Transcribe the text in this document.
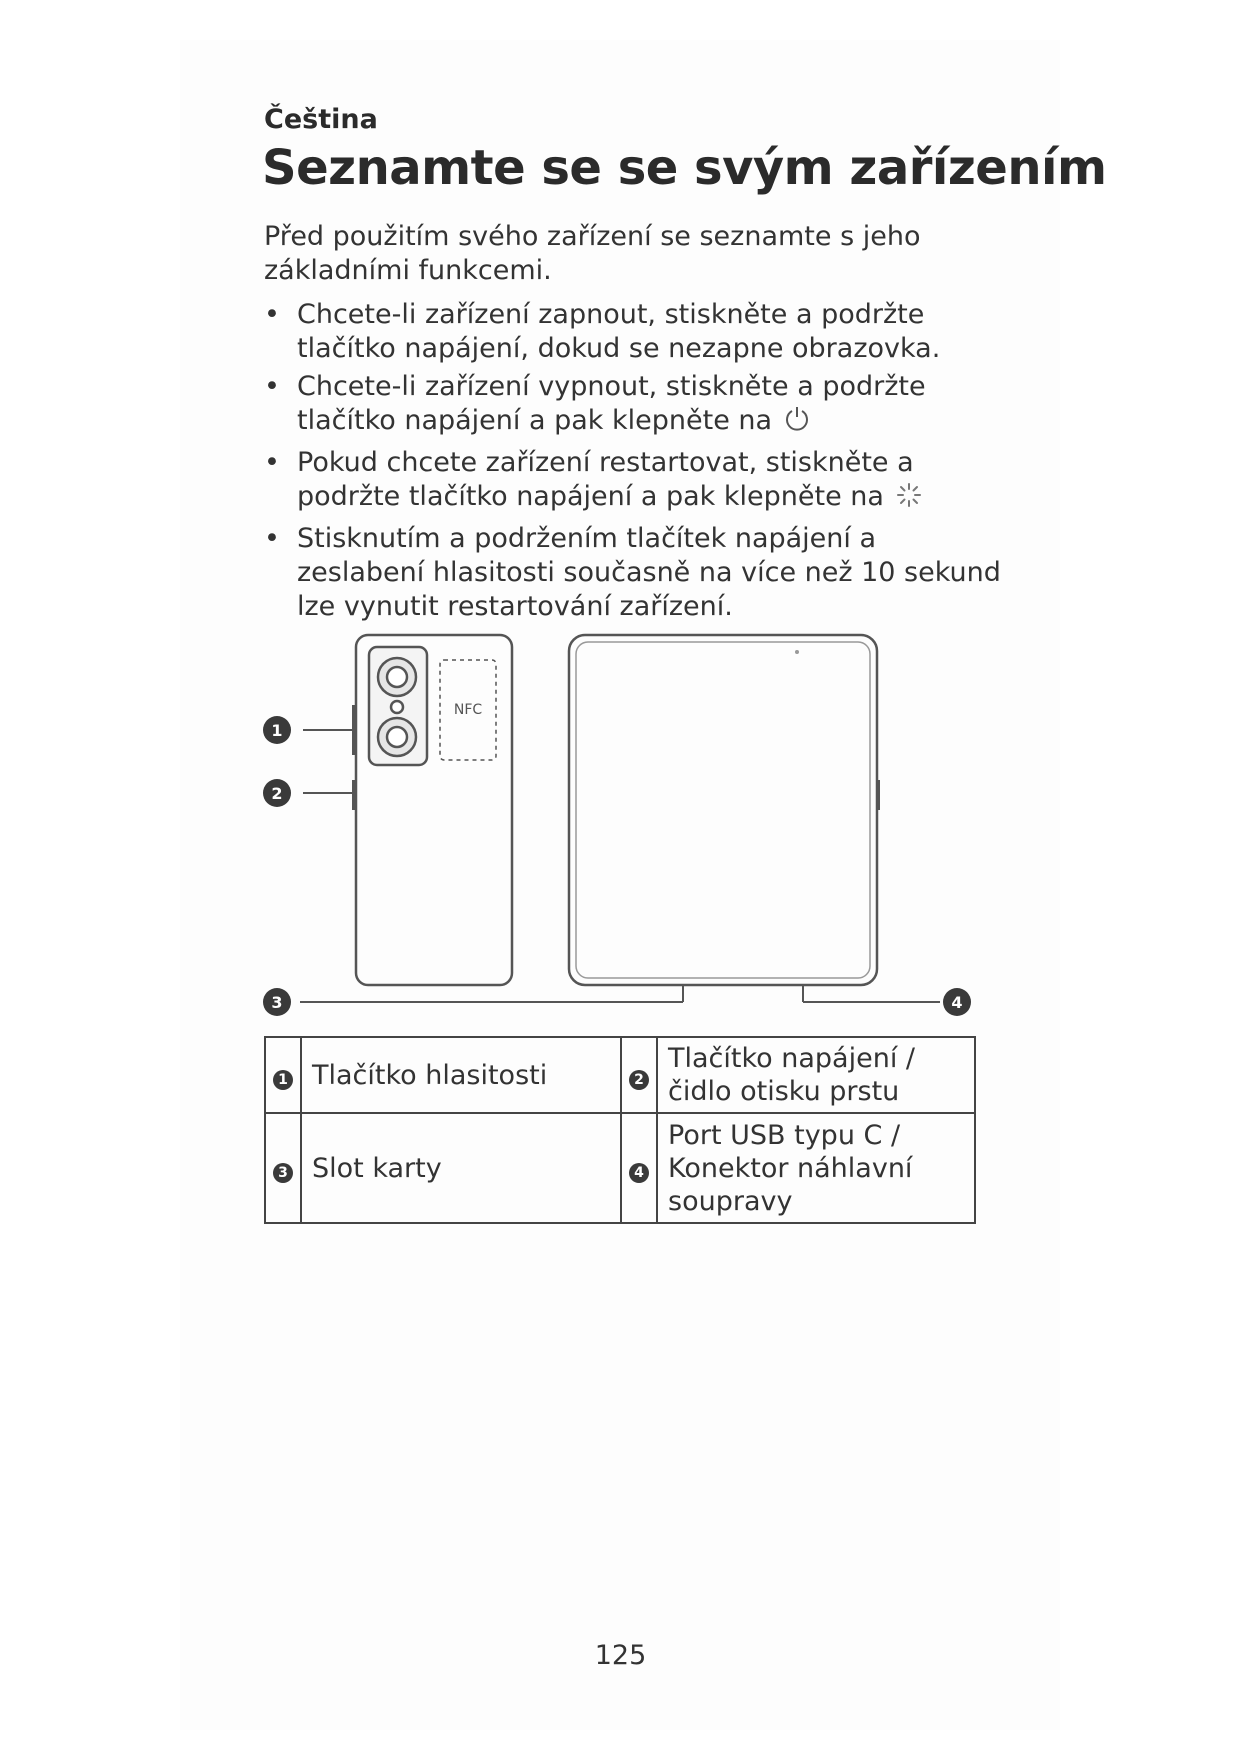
Čeština
Seznamte se se svým zařízením
Před použitím svého zařízení se seznamte s jeho základními funkcemi.
• Chcete-li zařízení zapnout, stiskněte a podržte tlačítko napájení, dokud se nezapne obrazovka.
• Chcete-li zařízení vypnout, stiskněte a podržte tlačítko napájení a pak klepněte na
• Pokud chcete zařízení restartovat, stiskněte a podržte tlačítko napájení a pak klepněte na
• Stisknutím a podržením tlačítek napájení a zeslabení hlasitosti současně na více než 10 sekund lze vynutit restartování zařízení.
NFC
1
2
3	4
1	Tlačítko hlasitosti	2	Tlačítko napájení / čidlo otisku prstu
3	Slot karty	4	Port USB typu C / Konektor náhlavní soupravy
125
